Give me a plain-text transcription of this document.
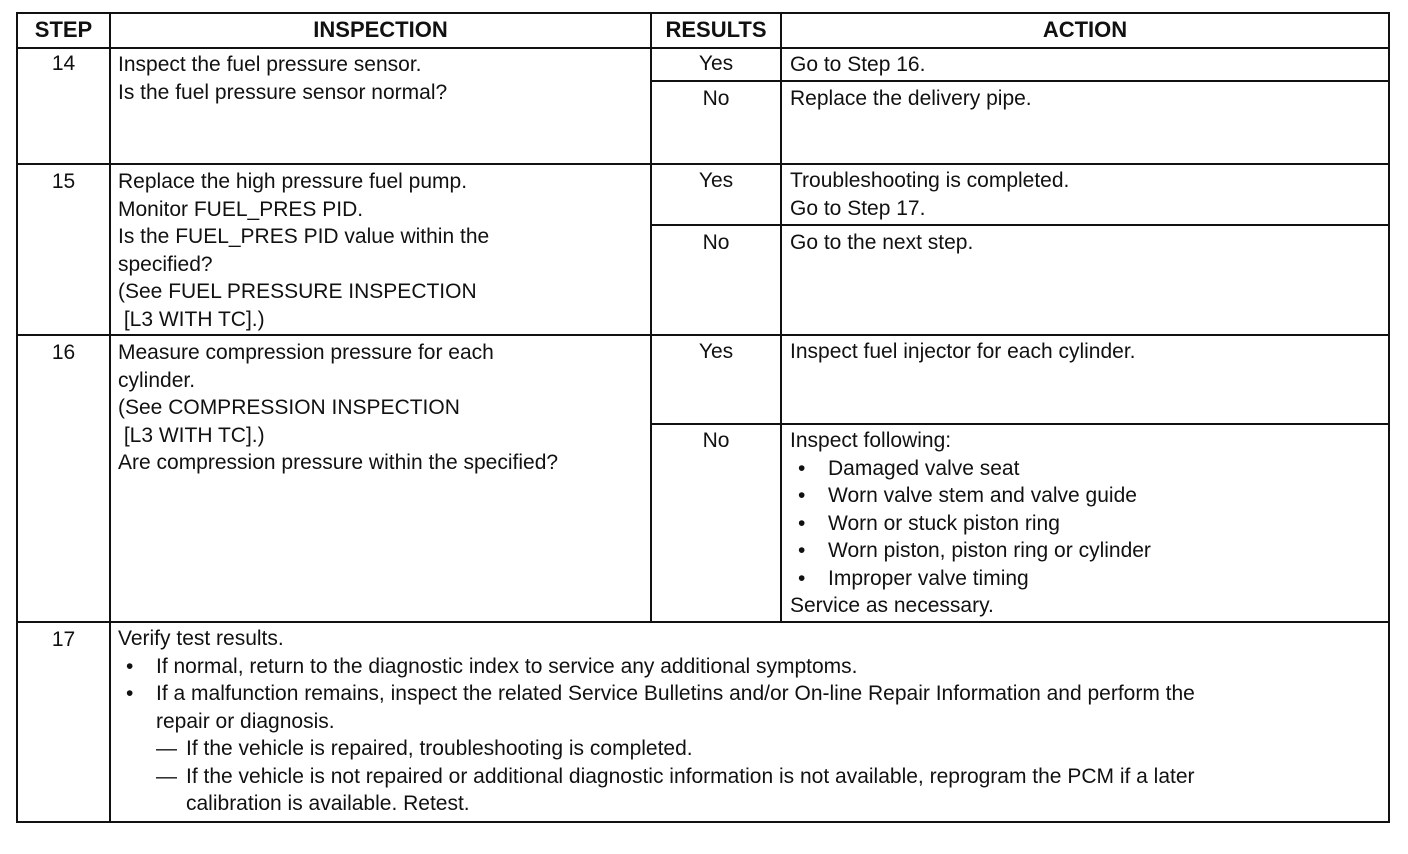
STEP	INSPECTION	RESULTS	ACTION
14	Inspect the fuel pressure sensor.
Is the fuel pressure sensor normal?
Yes	Go to Step 16.
No	Replace the delivery pipe.
15	Replace the high pressure fuel pump.
Monitor FUEL_PRES PID.
Is the FUEL_PRES PID value within the
specified?
(See FUEL PRESSURE INSPECTION
[L3 WITH TC].)
Yes	Troubleshooting is completed.
Go to Step 17.
No	Go to the next step.
16	Measure compression pressure for each
cylinder.
(See COMPRESSION INSPECTION
[L3 WITH TC].)
Are compression pressure within the specified?
Yes	Inspect fuel injector for each cylinder.
No	Inspect following:
• Damaged valve seat
• Worn valve stem and valve guide
• Worn or stuck piston ring
• Worn piston, piston ring or cylinder
• Improper valve timing
Service as necessary.
17	Verify test results.
• If normal, return to the diagnostic index to service any additional symptoms.
• If a malfunction remains, inspect the related Service Bulletins and/or On-line Repair Information and perform the
repair or diagnosis.
— If the vehicle is repaired, troubleshooting is completed.
— If the vehicle is not repaired or additional diagnostic information is not available, reprogram the PCM if a later
calibration is available. Retest.
